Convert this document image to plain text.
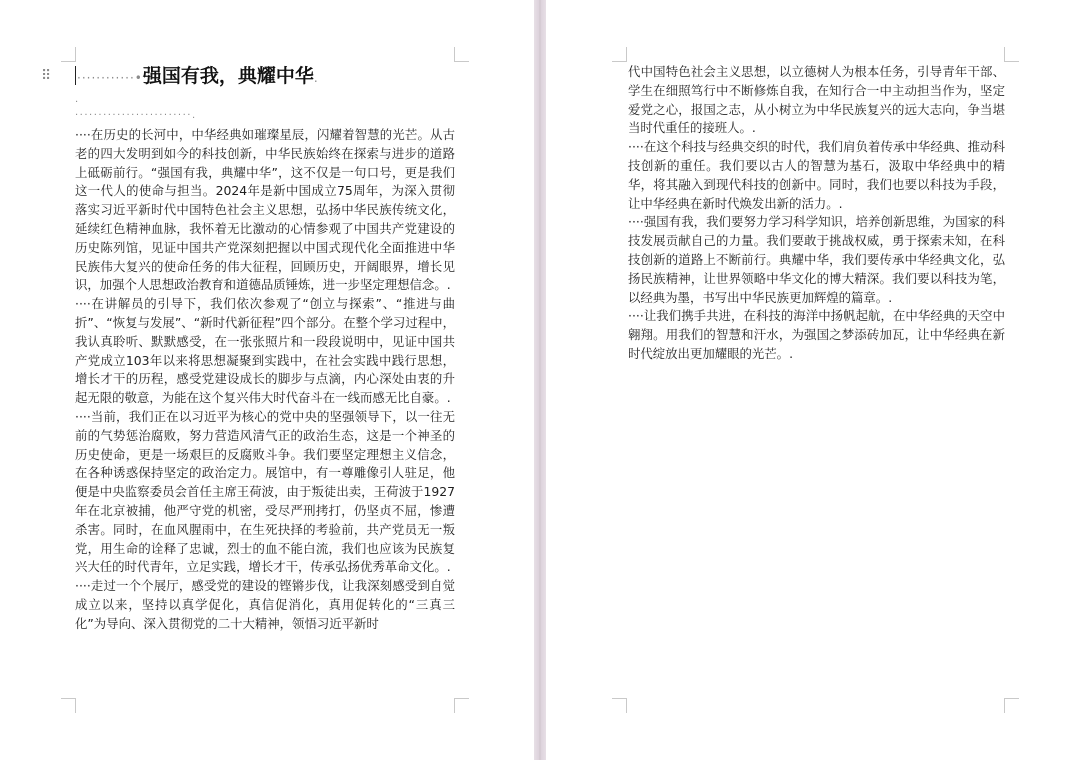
⠿	············•强国有我，典耀中华.
.
·························.

····在历史的长河中，中华经典如璀璨星辰，闪耀着智慧的光芒。从古老的四大发明到如今的科技创新，中华民族始终在探索与进步的道路上砥砺前行。“强国有我，典耀中华”，这不仅是一句口号，更是我们这一代人的使命与担当。2024年是新中国成立75周年，为深入贯彻落实习近平新时代中国特色社会主义思想，弘扬中华民族传统文化，延续红色精神血脉，我怀着无比激动的心情参观了中国共产党建设的历史陈列馆，见证中国共产党深刻把握以中国式现代化全面推进中华民族伟大复兴的使命任务的伟大征程，回顾历史，开阔眼界，增长见识，加强个人思想政治教育和道德品质锤炼，进一步坚定理想信念。.

····在讲解员的引导下，我们依次参观了“创立与探索”、“推进与曲折”、“恢复与发展”、“新时代新征程”四个部分。在整个学习过程中，我认真聆听、默默感受，在一张张照片和一段段说明中，见证中国共产党成立103年以来将思想凝聚到实践中，在社会实践中践行思想，增长才干的历程，感受党建设成长的脚步与点滴，内心深处由衷的升起无限的敬意，为能在这个复兴伟大时代奋斗在一线而感无比自豪。.

····当前，我们正在以习近平为核心的党中央的坚强领导下，以一往无前的气势惩治腐败，努力营造风清气正的政治生态，这是一个神圣的历史使命，更是一场艰巨的反腐败斗争。我们要坚定理想主义信念，在各种诱惑保持坚定的政治定力。展馆中，有一尊雕像引人驻足，他便是中央监察委员会首任主席王荷波，由于叛徒出卖，王荷波于1927年在北京被捕，他严守党的机密，受尽严刑拷打，仍坚贞不屈，惨遭杀害。同时，在血风腥雨中，在生死抉择的考验前，共产党员无一叛党，用生命的诠释了忠诚，烈士的血不能白流，我们也应该为民族复兴大任的时代青年，立足实践，增长才干，传承弘扬优秀革命文化。.

····走过一个个展厅，感受党的建设的铿锵步伐，让我深刻感受到自觉成立以来，坚持以真学促化，真信促消化，真用促转化的“三真三化”为导向、深入贯彻党的二十大精神，领悟习近平新时

代中国特色社会主义思想，以立德树人为根本任务，引导青年干部、学生在细照笃行中不断修炼自我，在知行合一中主动担当作为，坚定爱党之心，报国之志，从小树立为中华民族复兴的远大志向，争当堪当时代重任的接班人。.

····在这个科技与经典交织的时代，我们肩负着传承中华经典、推动科技创新的重任。我们要以古人的智慧为基石，汲取中华经典中的精华，将其融入到现代科技的创新中。同时，我们也要以科技为手段，让中华经典在新时代焕发出新的活力。.

····强国有我，我们要努力学习科学知识，培养创新思维，为国家的科技发展贡献自己的力量。我们要敢于挑战权威，勇于探索未知，在科技创新的道路上不断前行。典耀中华，我们要传承中华经典文化，弘扬民族精神，让世界领略中华文化的博大精深。我们要以科技为笔，以经典为墨，书写出中华民族更加辉煌的篇章。.

····让我们携手共进，在科技的海洋中扬帆起航，在中华经典的天空中翱翔。用我们的智慧和汗水，为强国之梦添砖加瓦，让中华经典在新时代绽放出更加耀眼的光芒。.
